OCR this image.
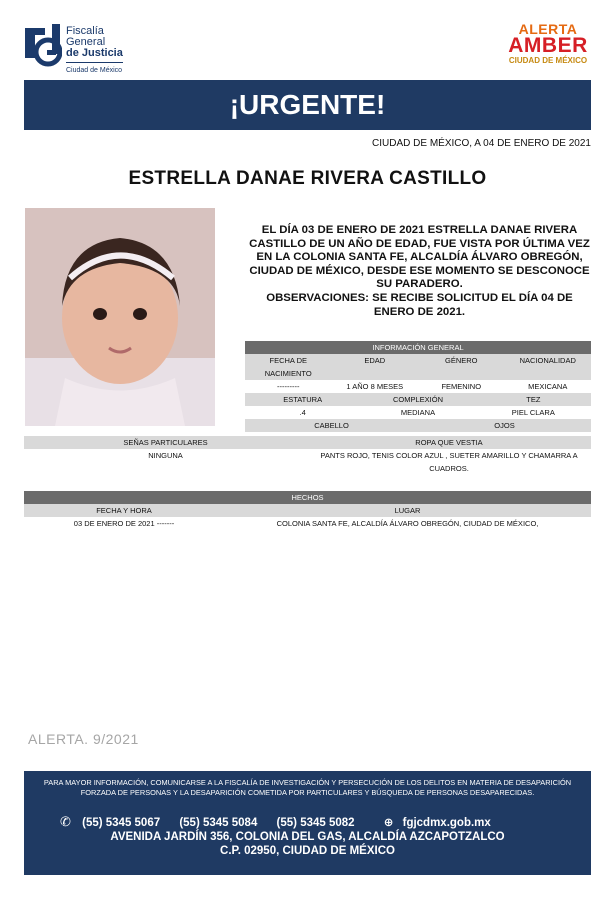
Fiscalía
General
de Justicia
Ciudad de México
ALERTA
AMBER
CIUDAD DE MÉXICO
¡URGENTE!
CIUDAD DE MÉXICO, A 04 DE ENERO DE 2021
ESTRELLA DANAE RIVERA CASTILLO
EL DÍA 03 DE ENERO DE 2021 ESTRELLA DANAE RIVERA CASTILLO DE UN AÑO DE EDAD, FUE VISTA POR ÚLTIMA VEZ EN LA COLONIA SANTA FE, ALCALDÍA ÁLVARO OBREGÓN, CIUDAD DE MÉXICO, DESDE ESE MOMENTO SE DESCONOCE SU PARADERO.
OBSERVACIONES: SE RECIBE SOLICITUD EL DÍA 04 DE ENERO DE 2021.
INFORMACIÓN GENERAL
FECHA DE NACIMIENTO
EDAD	GÉNERO	NACIONALIDAD
---------	1 AÑO 8 MESES	FEMENINO	MEXICANA
ESTATURA	COMPLEXIÓN	TEZ
.4	MEDIANA	PIEL CLARA
CABELLO	OJOS
SEÑAS PARTICULARES	ROPA QUE VESTIA
NINGUNA	PANTS ROJO, TENIS COLOR AZUL , SUETER AMARILLO Y CHAMARRA A CUADROS.
HECHOS
FECHA Y HORA	LUGAR
03 DE ENERO DE 2021 -------	COLONIA SANTA FE, ALCALDÍA ÁLVARO OBREGÓN, CIUDAD DE MÉXICO,
ALERTA. 9/2021
PARA MAYOR INFORMACIÓN, COMUNICARSE A LA FISCALÍA DE INVESTIGACIÓN Y PERSECUCIÓN DE LOS DELITOS EN MATERIA DE DESAPARICIÓN FORZADA DE PERSONAS Y LA DESAPARICIÓN COMETIDA POR PARTICULARES Y BÚSQUEDA DE PERSONAS DESAPARECIDAS.
✆ (55) 5345 5067 (55) 5345 5084 (55) 5345 5082	⊕ fgjcdmx.gob.mx
AVENIDA JARDÍN 356, COLONIA DEL GAS, ALCALDÍA AZCAPOTZALCO
C.P. 02950, CIUDAD DE MÉXICO
